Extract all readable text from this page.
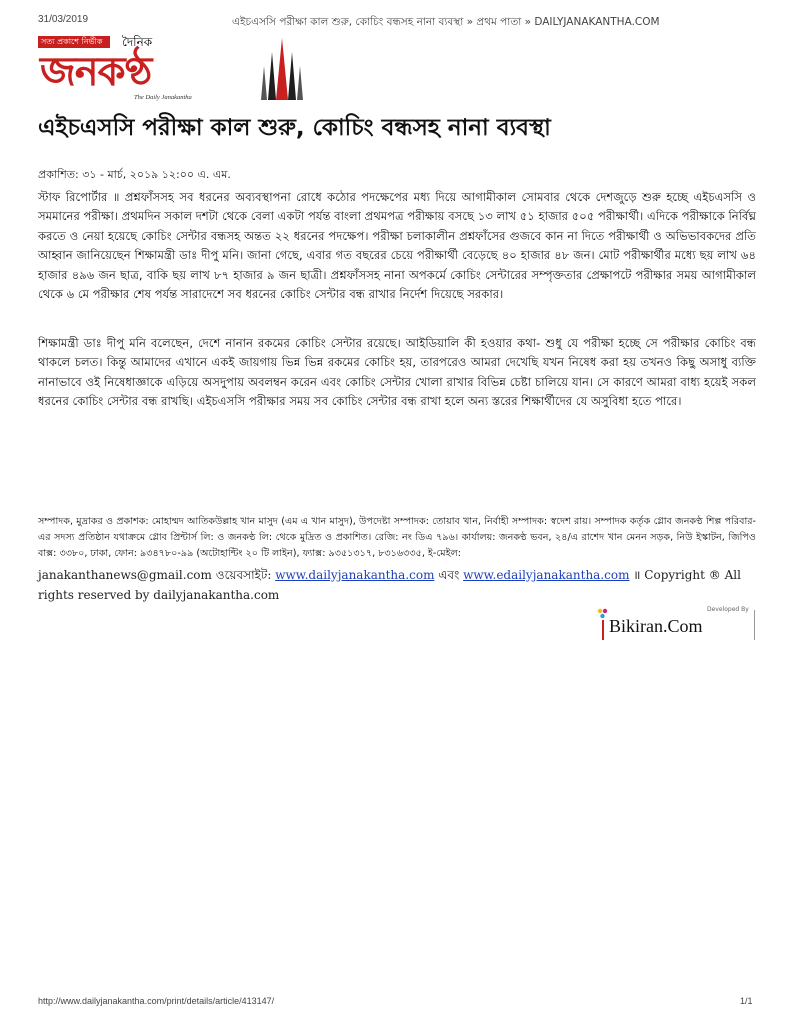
31/03/2019	এইচএসসি পরীক্ষা কাল শুরু, কোচিং বন্ধসহ নানা ব্যবস্থা » প্রথম পাতা » DAILYJANAKANTHA.COM
সত্য প্রকাশে নির্ভীক	দৈনিক
জনকণ্ঠ
The Daily Janakantha
এইচএসসি পরীক্ষা কাল শুরু, কোচিং বন্ধসহ নানা ব্যবস্থা
প্রকাশিত: ৩১ - মার্চ, ২০১৯ ১২:০০ এ. এম.

স্টাফ রিপোর্টার ॥ প্রশ্নফাঁসসহ সব ধরনের অব্যবস্থাপনা রোধে কঠোর পদক্ষেপের মধ্য দিয়ে আগামীকাল সোমবার থেকে দেশজুড়ে শুরু হচ্ছে এইচএসসি ও সমমানের পরীক্ষা। প্রথমদিন সকাল দশটা থেকে বেলা একটা পর্যন্ত বাংলা প্রথমপত্র পরীক্ষায় বসছে ১৩ লাখ ৫১ হাজার ৫০৫ পরীক্ষার্থী। এদিকে পরীক্ষাকে নির্বিঘ্ন করতে ও নেয়া হয়েছে কোচিং সেন্টার বন্ধসহ অন্তত ২২ ধরনের পদক্ষেপ। পরীক্ষা চলাকালীন প্রশ্নফাঁসের গুজবে কান না দিতে পরীক্ষার্থী ও অভিভাবকদের প্রতি আহ্বান জানিয়েছেন শিক্ষামন্ত্রী ডাঃ দীপু মনি। জানা গেছে, এবার গত বছরের চেয়ে পরীক্ষার্থী বেড়েছে ৪০ হাজার ৪৮ জন। মোট পরীক্ষার্থীর মধ্যে ছয় লাখ ৬৪ হাজার ৪৯৬ জন ছাত্র, বাকি ছয় লাখ ৮৭ হাজার ৯ জন ছাত্রী। প্রশ্নফাঁসসহ নানা অপকর্মে কোচিং সেন্টারের সম্পৃক্ততার প্রেক্ষাপটে পরীক্ষার সময় আগামীকাল থেকে ৬ মে পরীক্ষার শেষ পর্যন্ত সারাদেশে সব ধরনের কোচিং সেন্টার বন্ধ রাখার নির্দেশ দিয়েছে সরকার।

শিক্ষামন্ত্রী ডাঃ দীপু মনি বলেছেন, দেশে নানান রকমের কোচিং সেন্টার রয়েছে। আইডিয়ালি কী হওয়ার কথা- শুধু যে পরীক্ষা হচ্ছে সে পরীক্ষার কোচিং বন্ধ থাকলে চলত। কিন্তু আমাদের এখানে একই জায়গায় ভিন্ন ভিন্ন রকমের কোচিং হয়, তারপরেও আমরা দেখেছি যখন নিষেধ করা হয় তখনও কিছু অসাধু ব্যক্তি নানাভাবে ওই নিষেধাজ্ঞাকে এড়িয়ে অসদুপায় অবলম্বন করেন এবং কোচিং সেন্টার খোলা রাখার বিভিন্ন চেষ্টা চালিয়ে যান। সে কারণে আমরা বাধ্য হয়েই সকল ধরনের কোচিং সেন্টার বন্ধ রাখছি। এইচএসসি পরীক্ষার সময় সব কোচিং সেন্টার বন্ধ রাখা হলে অন্য স্তরের শিক্ষার্থীদের যে অসুবিধা হতে পারে।

সম্পাদক, মুদ্রাকর ও প্রকাশক: মোহাম্মদ আতিকউল্লাহ খান মাসুদ (এম এ খান মাসুদ), উপদেষ্টা সম্পাদক: তোয়াব খান, নির্বাহী সম্পাদক: স্বদেশ রায়। সম্পাদক কর্তৃক গ্লোব জনকণ্ঠ শিল্প পরিবার-এর সদস্য প্রতিষ্ঠান যথাক্রমে গ্লোব প্রিন্টার্স লি: ও জনকণ্ঠ লি: থেকে মুদ্রিত ও প্রকাশিত। রেজি: নং ডিএ ৭৯৬। কার্যালয়: জনকণ্ঠ ভবন, ২৪/এ রাশেদ খান মেনন সড়ক, নিউ ইস্কাটন, জিপিও বাক্স: ৩৩৮০, ঢাকা, ফোন: ৯৩৪৭৮০-৯৯ (অটোহান্টিং ২০ টি লাইন), ফ্যাক্স: ৯৩৫১৩১৭, ৮৩১৬৩৩৫, ই-মেইল:

janakanthanews@gmail.com ওয়েবসাইট: www.dailyjanakantha.com এবং www.edailyjanakantha.com ॥ Copyright ® All rights reserved by dailyjanakantha.com

Developed By
Bikiran.Com
http://www.dailyjanakantha.com/print/details/article/413147/	1/1
